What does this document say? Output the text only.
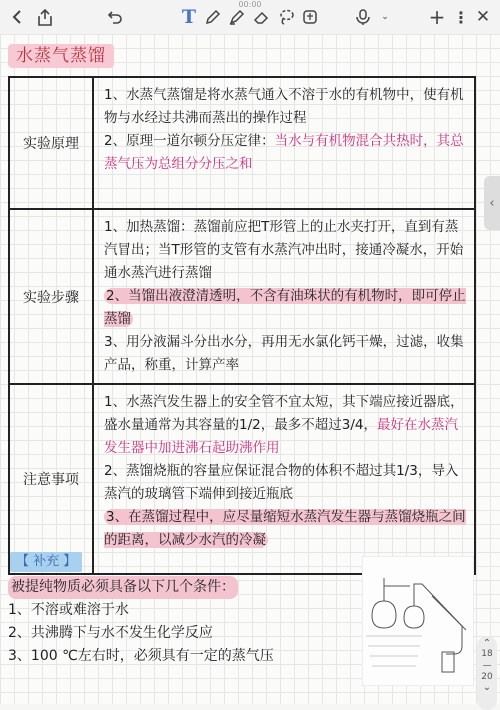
00:00
T	⌄ + ⋮ ✕
水蒸气蒸馏
实验原理

1、水蒸气蒸馏是将水蒸气通入不溶于水的有机物中，使有机物与水经过共沸而蒸出的操作过程

2、原理一道尔顿分压定律：当水与有机物混合共热时，其总蒸气压为总组分分压之和

实验步骤

1、加热蒸馏：蒸馏前应把T形管上的止水夹打开，直到有蒸汽冒出；当T形管的支管有水蒸汽冲出时，接通冷凝水，开始通水蒸汽进行蒸馏

2、当馏出液澄清透明，不含有油珠状的有机物时，即可停止蒸馏

3、用分液漏斗分出水分，再用无水氯化钙干燥，过滤，收集产品，称重，计算产率

注意事项

1、水蒸汽发生器上的安全管不宜太短，其下端应接近器底，盛水量通常为其容量的1/2，最多不超过3/4，最好在水蒸汽发生器中加进沸石起助沸作用

2、蒸馏烧瓶的容量应保证混合物的体积不超过其1/3，导入蒸汽的玻璃管下端伸到接近瓶底

3、在蒸馏过程中，应尽量缩短水蒸汽发生器与蒸馏烧瓶之间的距离，以减少水汽的冷凝

【 补充 】

被提纯物质必须具备以下几个条件：

1、不溶或难溶于水

2、共沸腾下与水不发生化学反应

3、100 ℃左右时，必须具有一定的蒸气压

‹
⌃
18
20
⌄
